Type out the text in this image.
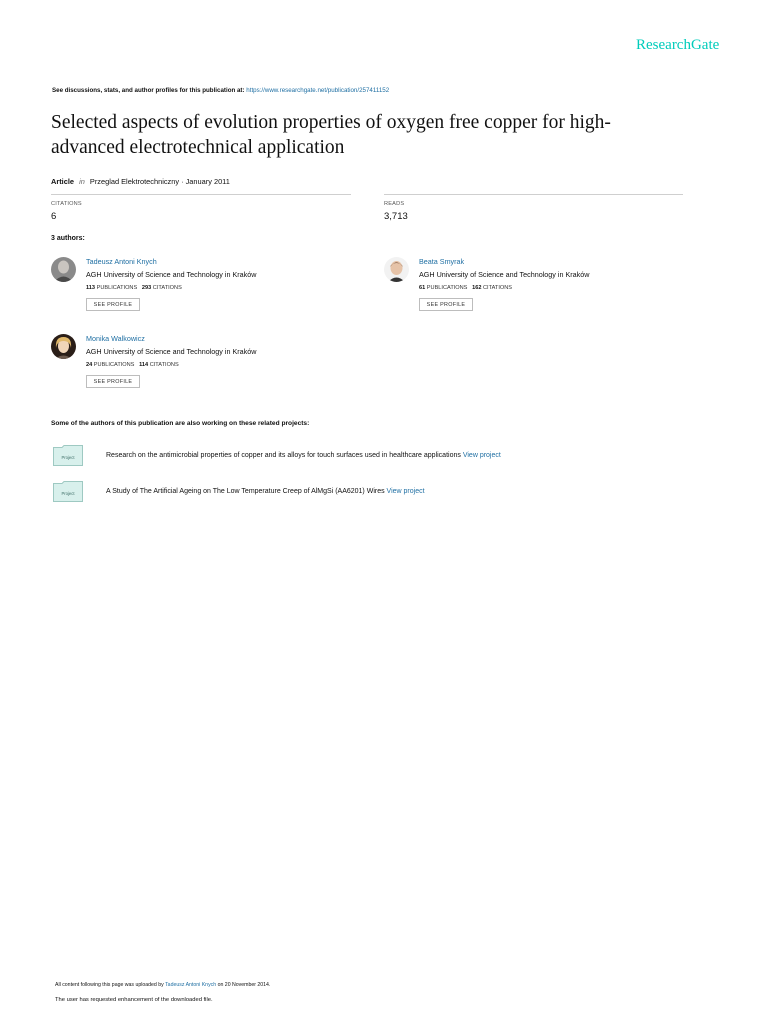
ResearchGate
See discussions, stats, and author profiles for this publication at: https://www.researchgate.net/publication/257411152
Selected aspects of evolution properties of oxygen free copper for high-
advanced electrotechnical application
Article in Przeglad Elektrotechniczny · January 2011
CITATIONS
6
READS
3,713
3 authors:
Tadeusz Antoni Knych
AGH University of Science and Technology in Kraków
113 PUBLICATIONS 293 CITATIONS
SEE PROFILE
Beata Smyrak
AGH University of Science and Technology in Kraków
61 PUBLICATIONS 162 CITATIONS
SEE PROFILE
Monika Walkowicz
AGH University of Science and Technology in Kraków
24 PUBLICATIONS 114 CITATIONS
SEE PROFILE
Some of the authors of this publication are also working on these related projects:
Project	Research on the antimicrobial properties of copper and its alloys for touch surfaces used in healthcare applications View project
Project	A Study of The Artificial Ageing on The Low Temperature Creep of AlMgSi (AA6201) Wires View project
All content following this page was uploaded by Tadeusz Antoni Knych on 20 November 2014.
The user has requested enhancement of the downloaded file.
